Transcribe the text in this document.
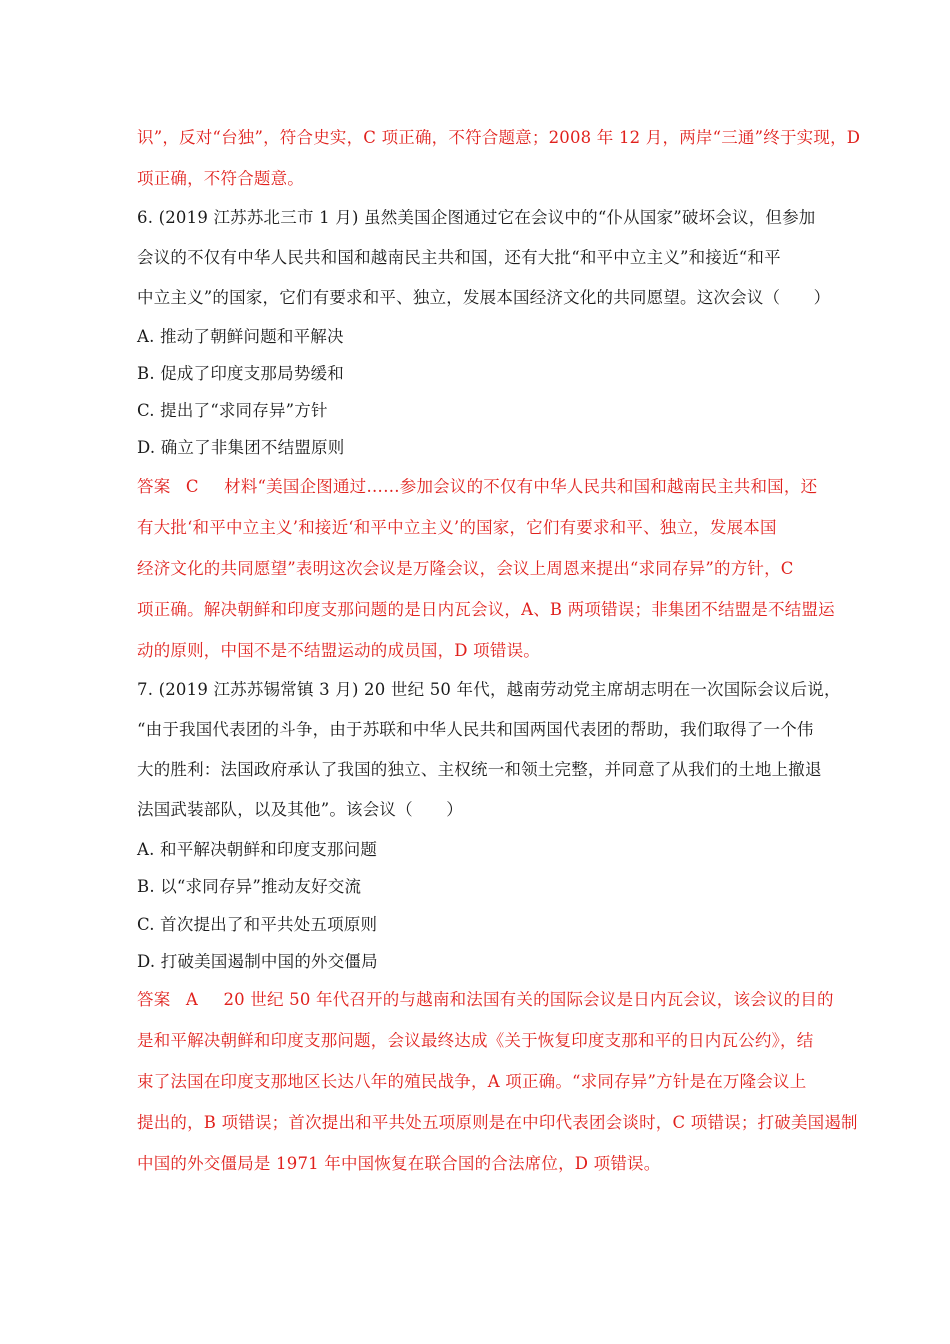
识”，反对“台独”，符合史实，C 项正确，不符合题意；2008 年 12 月，两岸“三通”终于实现，D
项正确，不符合题意。
6. (2019 江苏苏北三市 1 月) 虽然美国企图通过它在会议中的“仆从国家”破坏会议，但参加
会议的不仅有中华人民共和国和越南民主共和国，还有大批“和平中立主义”和接近“和平
中立主义”的国家，它们有要求和平、独立，发展本国经济文化的共同愿望。这次会议（　　）
A. 推动了朝鲜问题和平解决
B. 促成了印度支那局势缓和
C. 提出了“求同存异”方针
D. 确立了非集团不结盟原则
答案 C 材料“美国企图通过……参加会议的不仅有中华人民共和国和越南民主共和国，还
有大批‘和平中立主义’和接近‘和平中立主义’的国家，它们有要求和平、独立，发展本国
经济文化的共同愿望”表明这次会议是万隆会议，会议上周恩来提出“求同存异”的方针，C
项正确。解决朝鲜和印度支那问题的是日内瓦会议，A、B 两项错误；非集团不结盟是不结盟运
动的原则，中国不是不结盟运动的成员国，D 项错误。
7. (2019 江苏苏锡常镇 3 月) 20 世纪 50 年代，越南劳动党主席胡志明在一次国际会议后说，
“由于我国代表团的斗争，由于苏联和中华人民共和国两国代表团的帮助，我们取得了一个伟
大的胜利：法国政府承认了我国的独立、主权统一和领土完整，并同意了从我们的土地上撤退
法国武装部队，以及其他”。该会议（　　）
A. 和平解决朝鲜和印度支那问题
B. 以“求同存异”推动友好交流
C. 首次提出了和平共处五项原则
D. 打破美国遏制中国的外交僵局
答案 A 20 世纪 50 年代召开的与越南和法国有关的国际会议是日内瓦会议，该会议的目的
是和平解决朝鲜和印度支那问题，会议最终达成《关于恢复印度支那和平的日内瓦公约》，结
束了法国在印度支那地区长达八年的殖民战争，A 项正确。“求同存异”方针是在万隆会议上
提出的，B 项错误；首次提出和平共处五项原则是在中印代表团会谈时，C 项错误；打破美国遏制
中国的外交僵局是 1971 年中国恢复在联合国的合法席位，D 项错误。
